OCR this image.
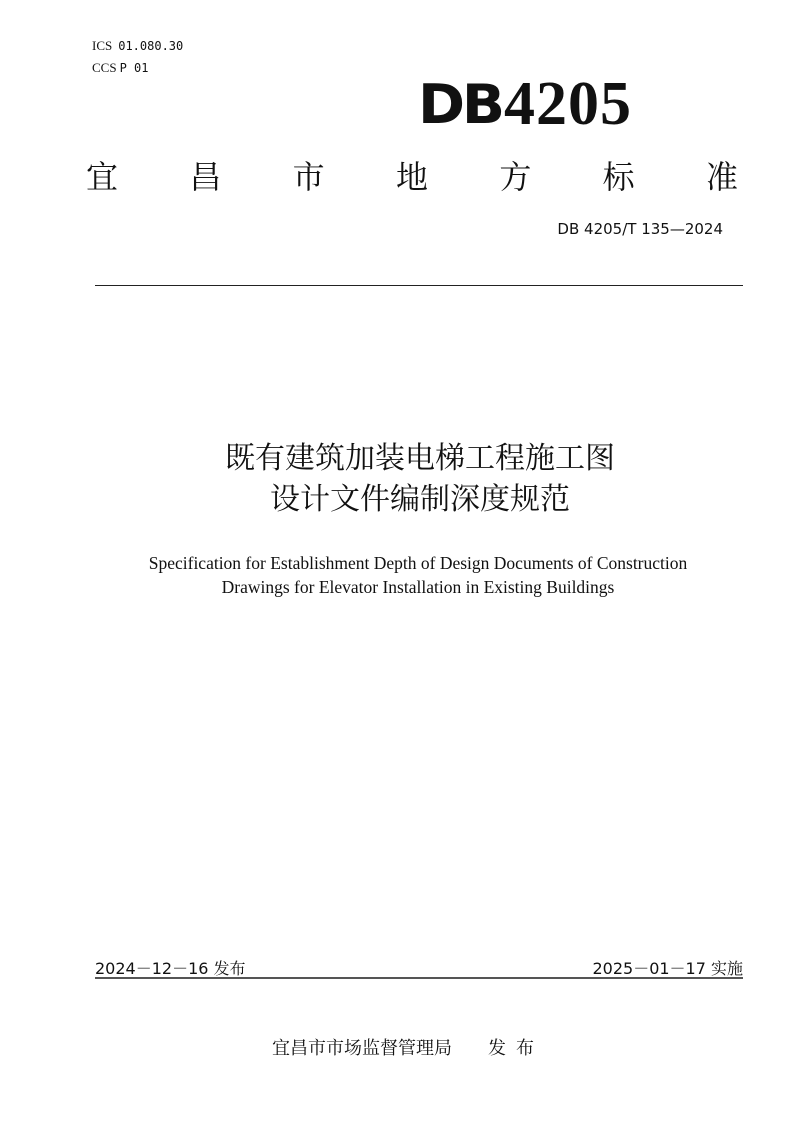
ICS 01.080.30
CCS P 01
DB 4205
宜 昌 市 地 方 标 准
DB 4205/T 135—2024
既有建筑加装电梯工程施工图
设计文件编制深度规范
Specification for Establishment Depth of Design Documents of Construction
Drawings for Elevator Installation in Existing Buildings
2024－12－16 发布	2025－01－17 实施
宜昌市市场监督管理局 发布
